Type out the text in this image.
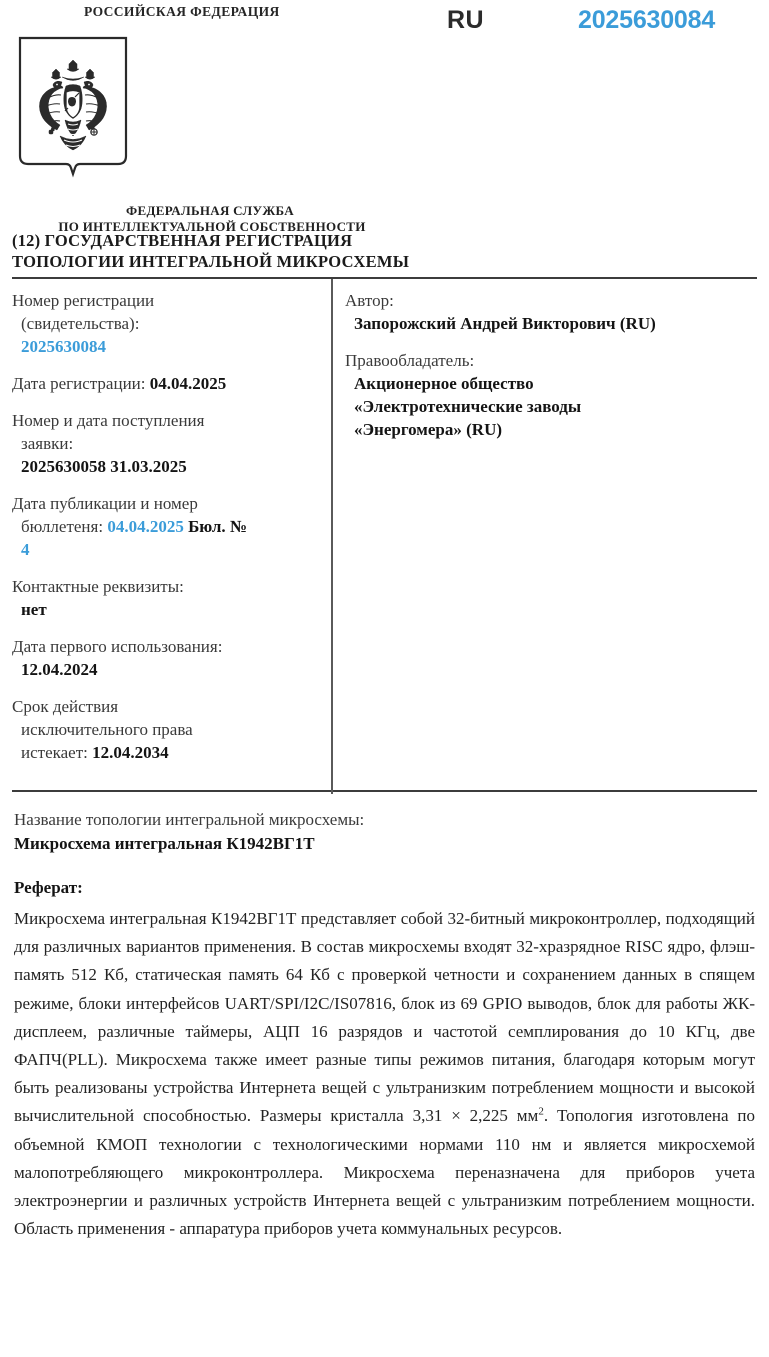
РОССИЙСКАЯ ФЕДЕРАЦИЯ	RU	2025630084
ФЕДЕРАЛЬНАЯ СЛУЖБА
ПО ИНТЕЛЛЕКТУАЛЬНОЙ СОБСТВЕННОСТИ
(12) ГОСУДАРСТВЕННАЯ РЕГИСТРАЦИЯ
ТОПОЛОГИИ ИНТЕГРАЛЬНОЙ МИКРОСХЕМЫ
Номер регистрации
(свидетельства):
2025630084
Дата регистрации: 04.04.2025
Номер и дата поступления
заявки:
2025630058 31.03.2025
Дата публикации и номер
бюллетеня: 04.04.2025 Бюл. №
4
Контактные реквизиты:
нет
Дата первого использования:
12.04.2024
Срок действия
исключительного права
истекает: 12.04.2034
Автор:
Запорожский Андрей Викторович (RU)
Правообладатель:
Акционерное общество
«Электротехнические заводы
«Энергомера» (RU)
Название топологии интегральной микросхемы:
Микросхема интегральная К1942ВГ1Т
Реферат:
Микросхема интегральная К1942ВГ1Т представляет собой 32-битный микроконтроллер, подходящий для различных вариантов применения. В состав микросхемы входят 32-хразрядное RISC ядро, флэш-память 512 Кб, статическая память 64 Кб с проверкой четности и сохранением данных в спящем режиме, блоки интерфейсов UART/SPI/I2C/IS07816, блок из 69 GPIO выводов, блок для работы ЖК-дисплеем, различные таймеры, АЦП 16 разрядов и частотой семплирования до 10 КГц, две ФАПЧ(PLL). Микросхема также имеет разные типы режимов питания, благодаря которым могут быть реализованы устройства Интернета вещей с ультранизким потреблением мощности и высокой вычислительной способностью. Размеры кристалла 3,31 × 2,225 $мм^2$. Топология изготовлена по объемной КМОП технологии с технологическими нормами 110 нм и является микросхемой малопотребляющего микроконтроллера. Микросхема переназначена для приборов учета электроэнергии и различных устройств Интернета вещей с ультранизким потреблением мощности. Область применения - аппаратура приборов учета коммунальных ресурсов.
